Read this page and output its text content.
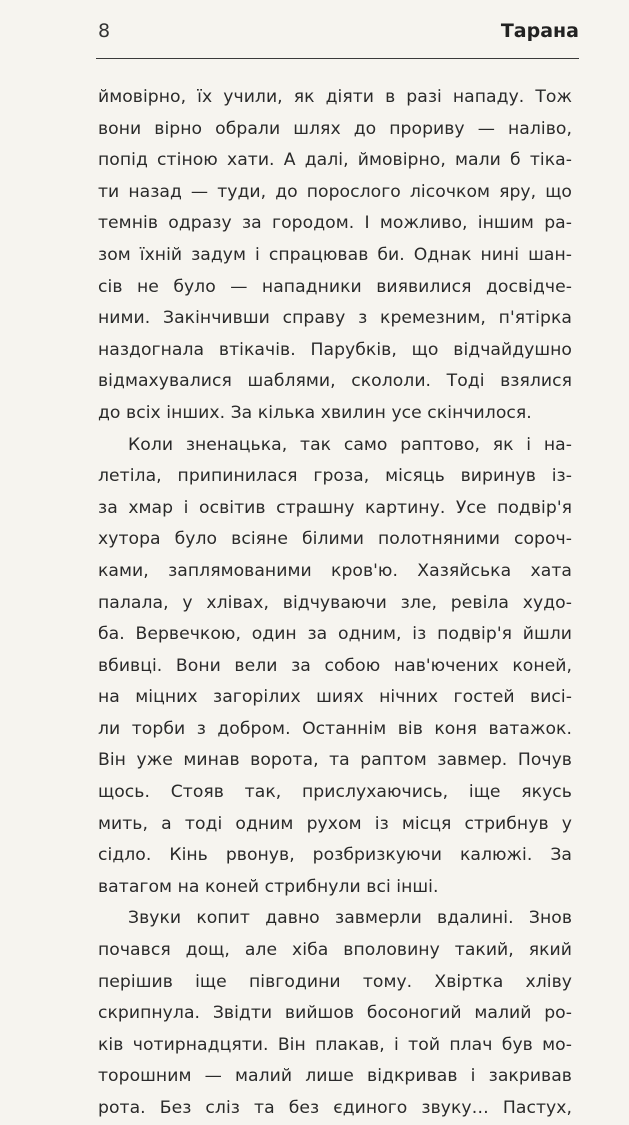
8	Тарана
ймовірно, їх учили, як діяти в разі нападу. Тож
вони вірно обрали шлях до прориву — наліво,
попід стіною хати. А далі, ймовірно, мали б тіка-
ти назад — туди, до порослого лісочком яру, що
темнів одразу за городом. І можливо, іншим ра-
зом їхній задум і спрацював би. Однак нині шан-
сів не було — нападники виявилися досвідче-
ними. Закінчивши справу з кремезним, п'ятірка
наздогнала втікачів. Парубків, що відчайдушно
відмахувалися шаблями, скололи. Тоді взялися
до всіх інших. За кілька хвилин усе скінчилося.
Коли зненацька, так само раптово, як і на-
летіла, припинилася гроза, місяць виринув із-
за хмар і освітив страшну картину. Усе подвір'я
хутора було всіяне білими полотняними сороч-
ками, заплямованими кров'ю. Хазяйська хата
палала, у хлівах, відчуваючи зле, ревіла худо-
ба. Вервечкою, один за одним, із подвір'я йшли
вбивці. Вони вели за собою нав'ючених коней,
на міцних загорілих шиях нічних гостей висі-
ли торби з добром. Останнім вів коня ватажок.
Він уже минав ворота, та раптом завмер. Почув
щось. Стояв так, прислухаючись, іще якусь
мить, а тоді одним рухом із місця стрибнув у
сідло. Кінь рвонув, розбризкуючи калюжі. За
ватагом на коней стрибнули всі інші.
Звуки копит давно завмерли вдалині. Знов
почався дощ, але хіба вполовину такий, який
перішив іще півгодини тому. Хвіртка хліву
скрипнула. Звідти вийшов босоногий малий ро-
ків чотирнадцяти. Він плакав, і той плач був мо-
торошним — малий лише відкривав і закривав
рота. Без сліз та без єдиного звуку… Пастух,
